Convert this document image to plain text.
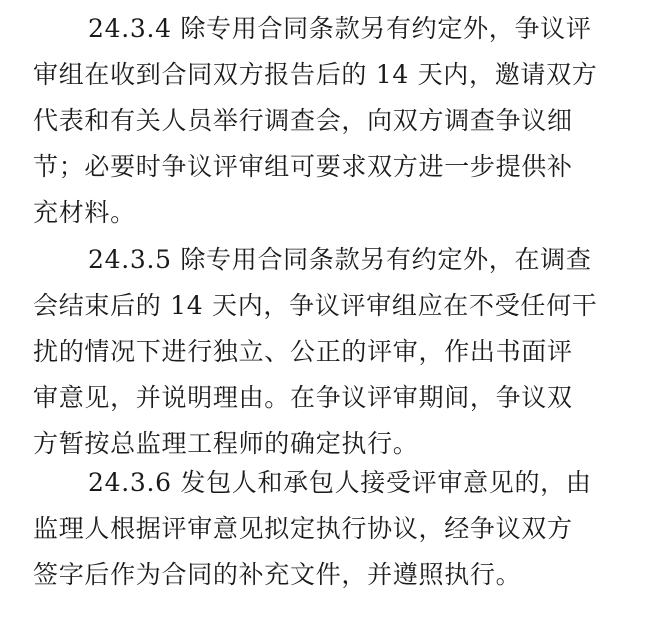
24.3.4 除专用合同条款另有约定外，争议评
审组在收到合同双方报告后的 14 天内，邀请双方
代表和有关人员举行调查会，向双方调查争议细
节；必要时争议评审组可要求双方进一步提供补
充材料。
24.3.5 除专用合同条款另有约定外，在调查
会结束后的 14 天内，争议评审组应在不受任何干
扰的情况下进行独立、公正的评审，作出书面评
审意见，并说明理由。在争议评审期间，争议双
方暂按总监理工程师的确定执行。
24.3.6 发包人和承包人接受评审意见的，由
监理人根据评审意见拟定执行协议，经争议双方
签字后作为合同的补充文件，并遵照执行。
